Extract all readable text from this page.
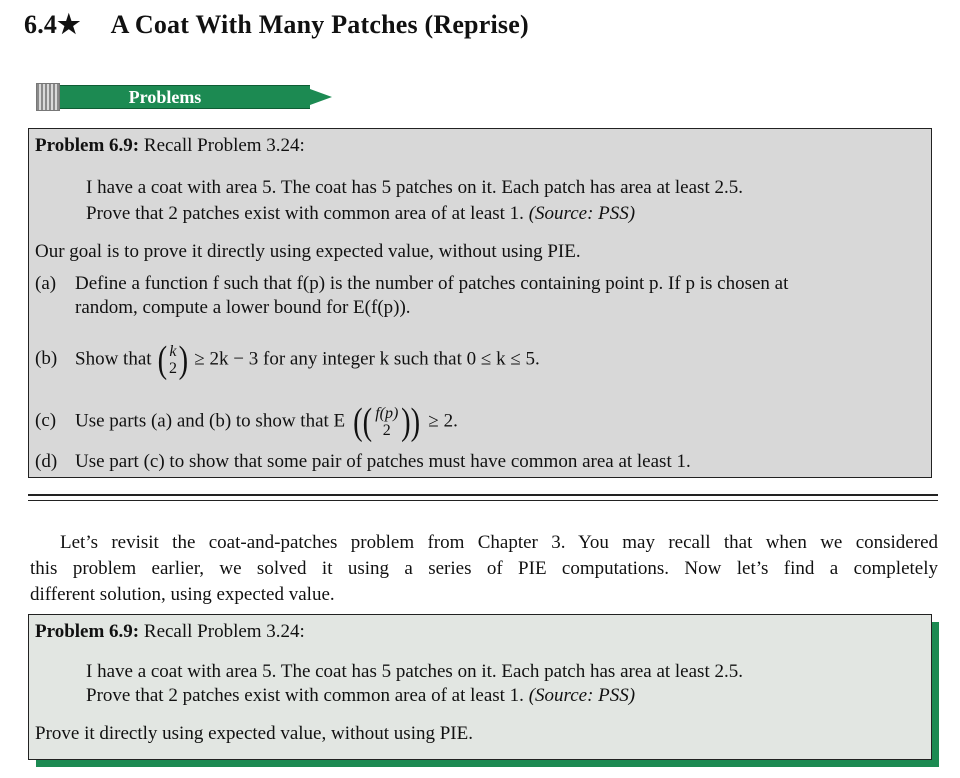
6.4★ A Coat With Many Patches (Reprise)
Problems
Problem 6.9: Recall Problem 3.24:
I have a coat with area 5. The coat has 5 patches on it. Each patch has area at least 2.5.
Prove that 2 patches exist with common area of at least 1. (Source: PSS)
Our goal is to prove it directly using expected value, without using PIE.
(a) Define a function f such that f(p) is the number of patches containing point p. If p is chosen at
random, compute a lower bound for E(f(p)).
(b) Show that ( k
2 ) ≥ 2k − 3 for any integer k such that 0 ≤ k ≤ 5.
(c) Use parts (a) and (b) to show that E (( f(p)
2 )) ≥ 2.
(d) Use part (c) to show that some pair of patches must have common area at least 1.
Let’s revisit the coat-and-patches problem from Chapter 3. You may recall that when we considered
this problem earlier, we solved it using a series of PIE computations. Now let’s find a completely
different solution, using expected value.
Problem 6.9: Recall Problem 3.24:
I have a coat with area 5. The coat has 5 patches on it. Each patch has area at least 2.5.
Prove that 2 patches exist with common area of at least 1. (Source: PSS)
Prove it directly using expected value, without using PIE.
